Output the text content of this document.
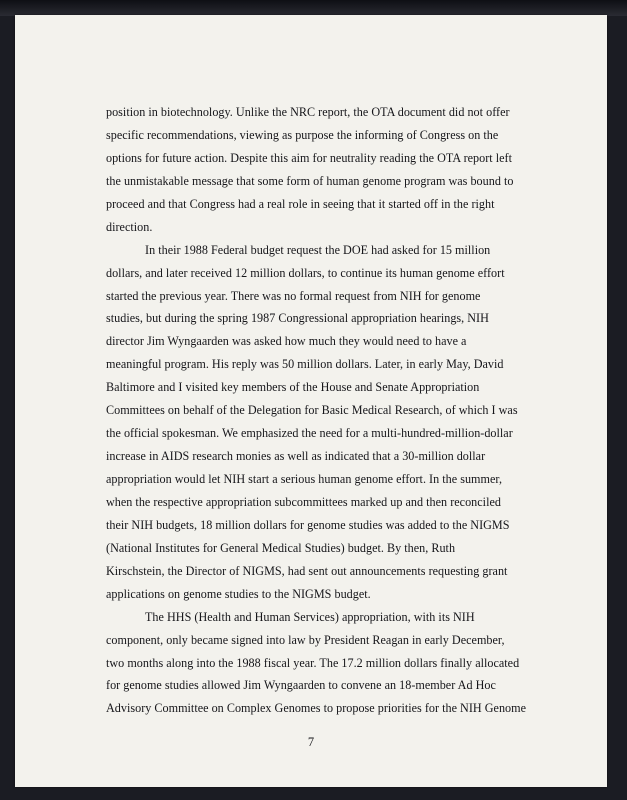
position in biotechnology. Unlike the NRC report, the OTA document did not offer
specific recommendations, viewing as purpose the informing of Congress on the
options for future action. Despite this aim for neutrality reading the OTA report left
the unmistakable message that some form of human genome program was bound to
proceed and that Congress had a real role in seeing that it started off in the right
direction.
In their 1988 Federal budget request the DOE had asked for 15 million
dollars, and later received 12 million dollars, to continue its human genome effort
started the previous year. There was no formal request from NIH for genome
studies, but during the spring 1987 Congressional appropriation hearings, NIH
director Jim Wyngaarden was asked how much they would need to have a
meaningful program. His reply was 50 million dollars. Later, in early May, David
Baltimore and I visited key members of the House and Senate Appropriation
Committees on behalf of the Delegation for Basic Medical Research, of which I was
the official spokesman. We emphasized the need for a multi-hundred-million-dollar
increase in AIDS research monies as well as indicated that a 30-million dollar
appropriation would let NIH start a serious human genome effort. In the summer,
when the respective appropriation subcommittees marked up and then reconciled
their NIH budgets, 18 million dollars for genome studies was added to the NIGMS
(National Institutes for General Medical Studies) budget. By then, Ruth
Kirschstein, the Director of NIGMS, had sent out announcements requesting grant
applications on genome studies to the NIGMS budget.
The HHS (Health and Human Services) appropriation, with its NIH
component, only became signed into law by President Reagan in early December,
two months along into the 1988 fiscal year. The 17.2 million dollars finally allocated
for genome studies allowed Jim Wyngaarden to convene an 18-member Ad Hoc
Advisory Committee on Complex Genomes to propose priorities for the NIH Genome
7
